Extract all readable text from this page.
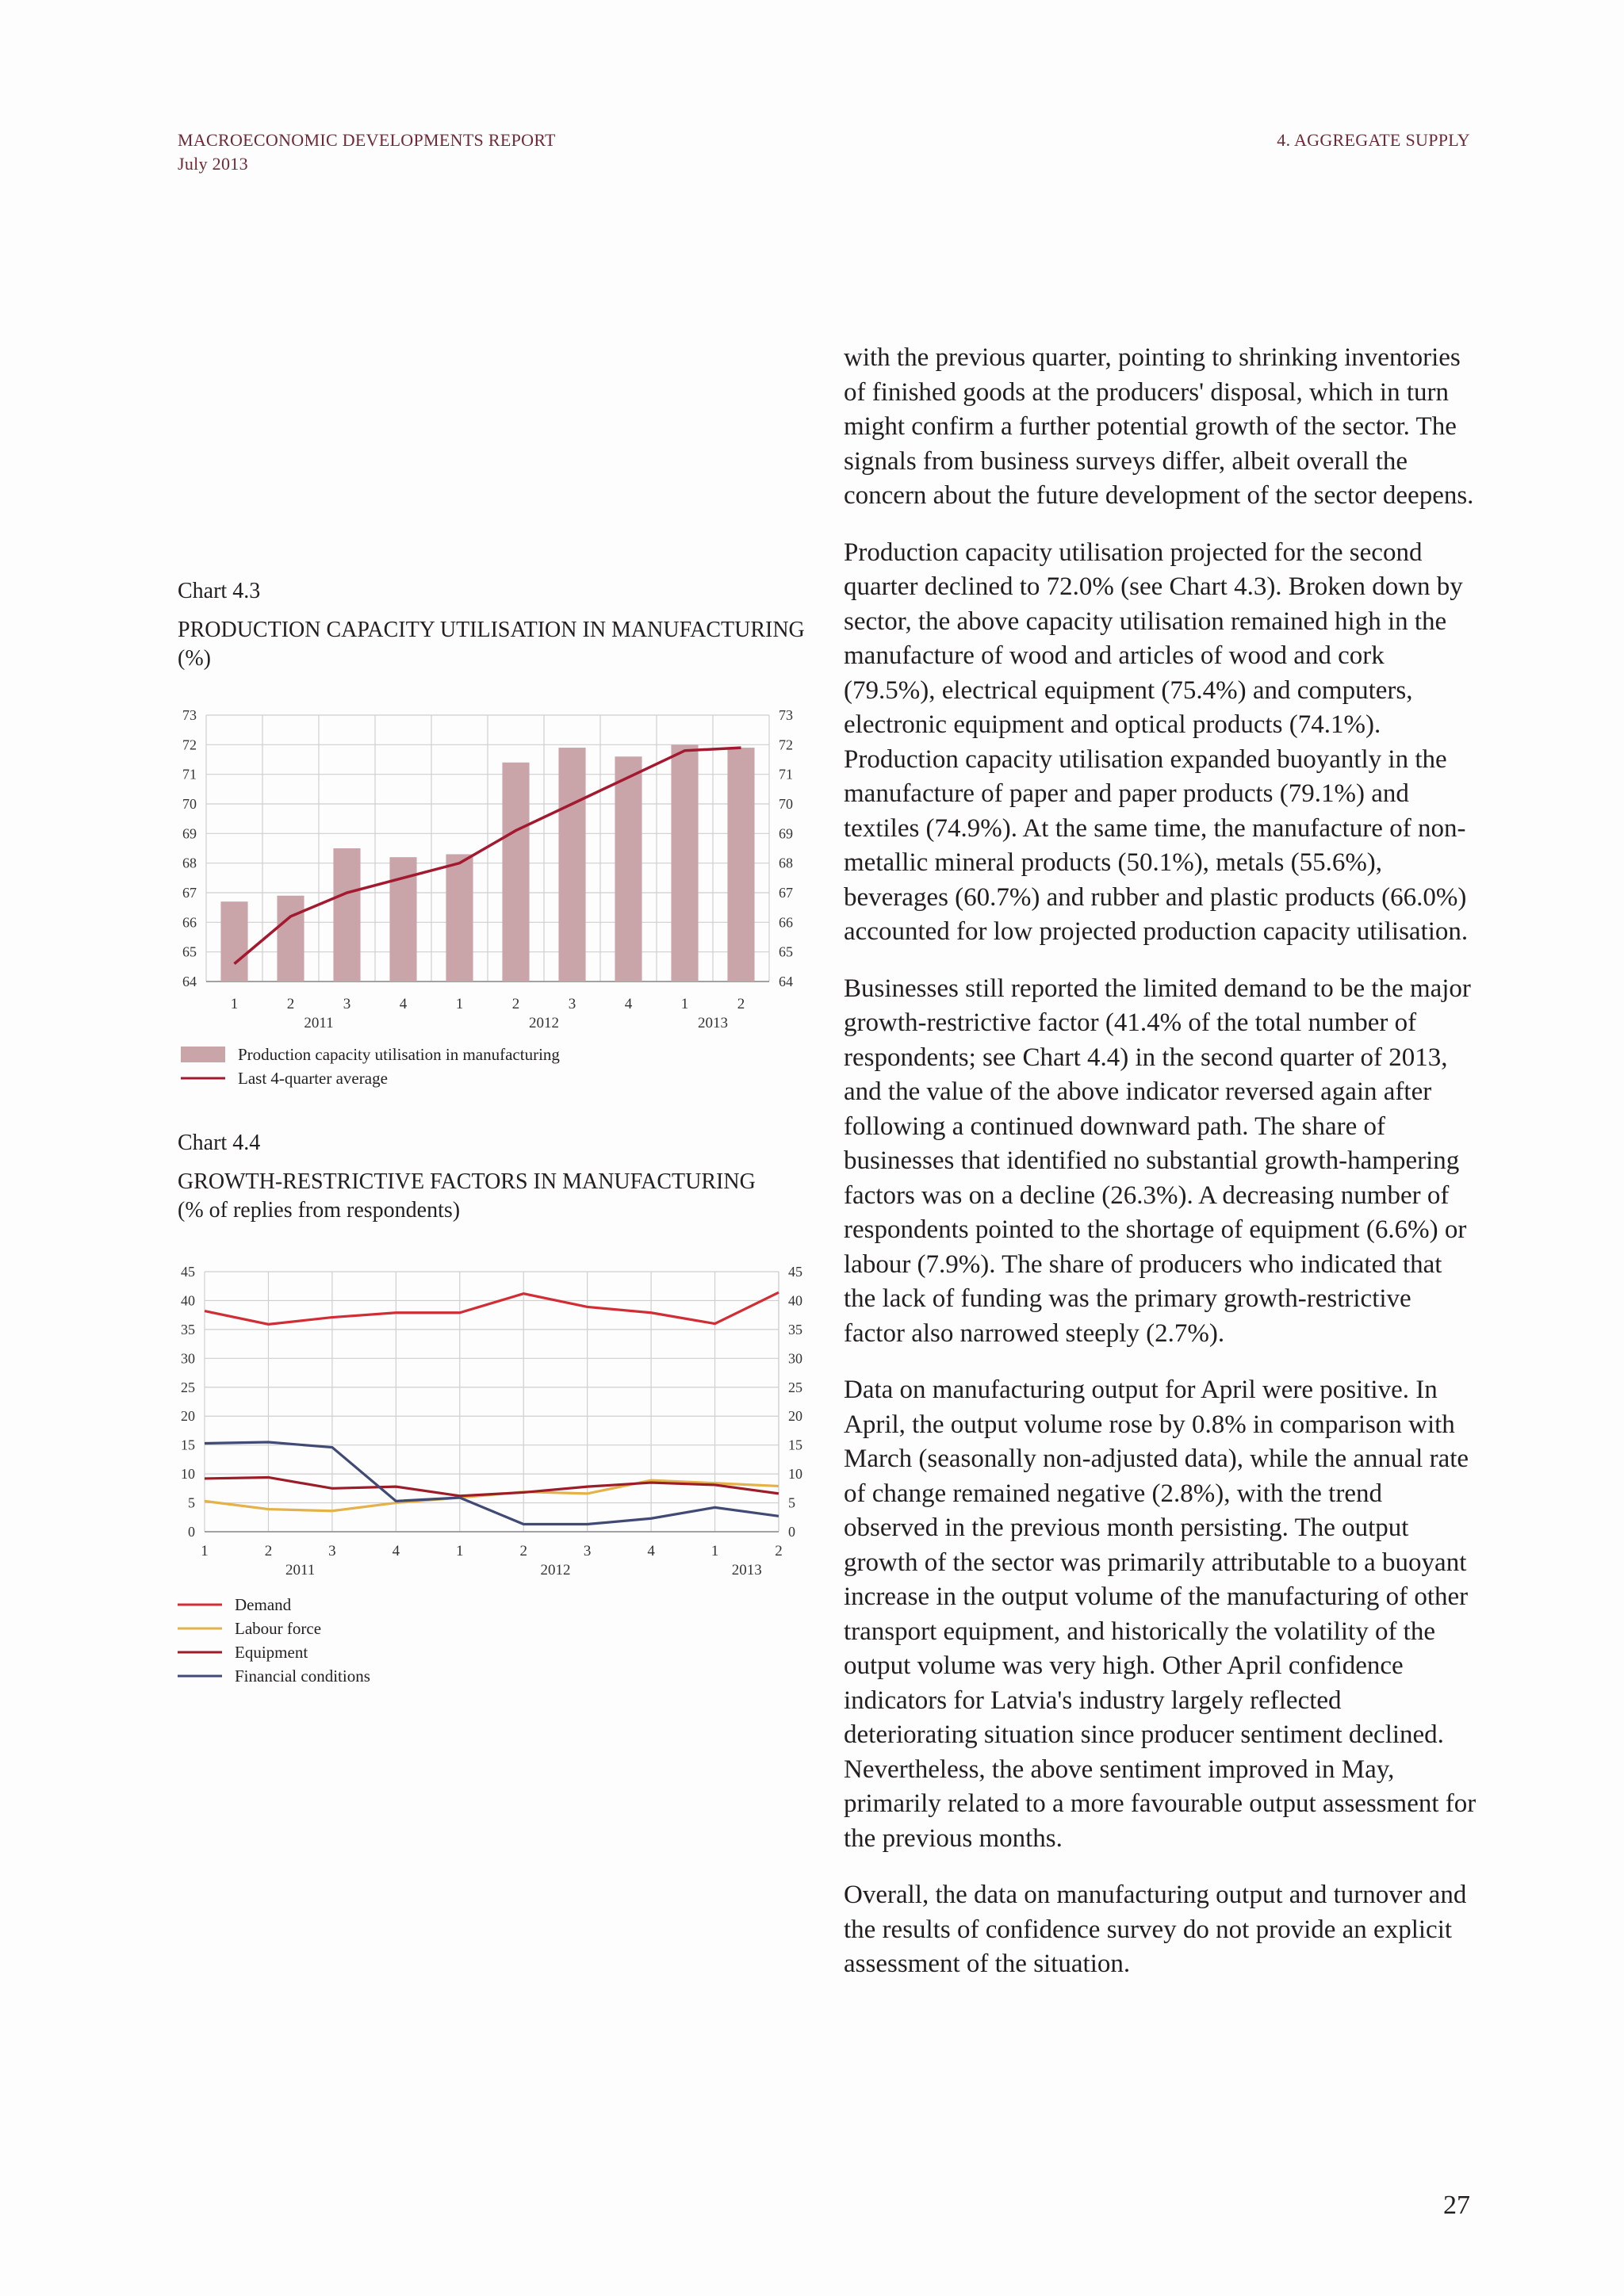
MACROECONOMIC DEVELOPMENTS REPORT
July 2013
4. AGGREGATE SUPPLY
Chart 4.3
PRODUCTION CAPACITY UTILISATION IN MANUFACTURING
(%)
64	64
65	65
66	66
67	67
68	68
69	69
70	70
71	71
72	72
73	73
1	2	3	4	1	2	3	4	1	2
2011	2012	2013
Production capacity utilisation in manufacturing
Last 4-quarter average
Chart 4.4
GROWTH-RESTRICTIVE FACTORS IN MANUFACTURING
(% of replies from respondents)
0	0
5	5
10	10
15	15
20	20
25	25
30	30
35	35
40	40
45	45
1	2	3	4	1	2	3	4	1	2
2011	2012	2013
Demand
Labour force
Equipment
Financial conditions

with the previous quarter, pointing to shrinking inventories of finished goods at the producers' disposal, which in turn might confirm a further potential growth of the sector. The signals from business surveys differ, albeit overall the concern about the future development of the sector deepens.

Production capacity utilisation projected for the second quarter declined to 72.0% (see Chart 4.3). Broken down by sector, the above capacity utilisation remained high in the manufacture of wood and articles of wood and cork (79.5%), electrical equipment (75.4%) and computers, electronic equipment and optical products (74.1%). Production capacity utilisation expanded buoyantly in the manufacture of paper and paper products (79.1%) and textiles (74.9%). At the same time, the manufacture of non-metallic mineral products (50.1%), metals (55.6%), beverages (60.7%) and rubber and plastic products (66.0%) accounted for low projected production capacity utilisation.

Businesses still reported the limited demand to be the major growth-restrictive factor (41.4% of the total number of respondents; see Chart 4.4) in the second quarter of 2013, and the value of the above indicator reversed again after following a continued downward path. The share of businesses that identified no substantial growth-hampering factors was on a decline (26.3%). A decreasing number of respondents pointed to the shortage of equipment (6.6%) or labour (7.9%). The share of producers who indicated that the lack of funding was the primary growth-restrictive factor also narrowed steeply (2.7%).

Data on manufacturing output for April were positive. In April, the output volume rose by 0.8% in comparison with March (seasonally non-adjusted data), while the annual rate of change remained negative (2.8%), with the trend observed in the previous month persisting. The output growth of the sector was primarily attributable to a buoyant increase in the output volume of the manufacturing of other transport equipment, and historically the volatility of the output volume was very high. Other April confidence indicators for Latvia's industry largely reflected deteriorating situation since producer sentiment declined. Nevertheless, the above sentiment improved in May, primarily related to a more favourable output assessment for the previous months.

Overall, the data on manufacturing output and turnover and the results of confidence survey do not provide an explicit assessment of the situation.

27
